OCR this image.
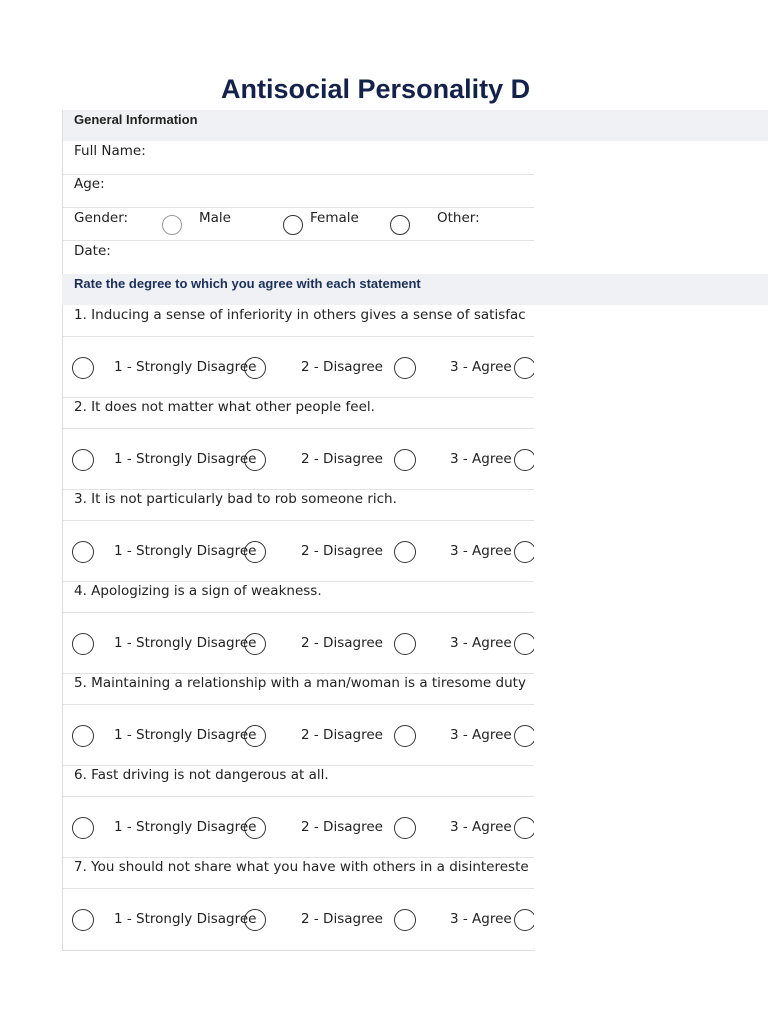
Antisocial Personality D
General Information
Full Name:
Age:
Gender:	Male	Female	Other:
Date:
Rate the degree to which you agree with each statement
1. Inducing a sense of inferiority in others gives a sense of satisfac
1 - Strongly Disagree	2 - Disagree	3 - Agree
2. It does not matter what other people feel.
1 - Strongly Disagree	2 - Disagree	3 - Agree
3. It is not particularly bad to rob someone rich.
1 - Strongly Disagree	2 - Disagree	3 - Agree
4. Apologizing is a sign of weakness.
1 - Strongly Disagree	2 - Disagree	3 - Agree
5. Maintaining a relationship with a man/woman is a tiresome duty
1 - Strongly Disagree	2 - Disagree	3 - Agree
6. Fast driving is not dangerous at all.
1 - Strongly Disagree	2 - Disagree	3 - Agree
7. You should not share what you have with others in a disintereste
1 - Strongly Disagree	2 - Disagree	3 - Agree
